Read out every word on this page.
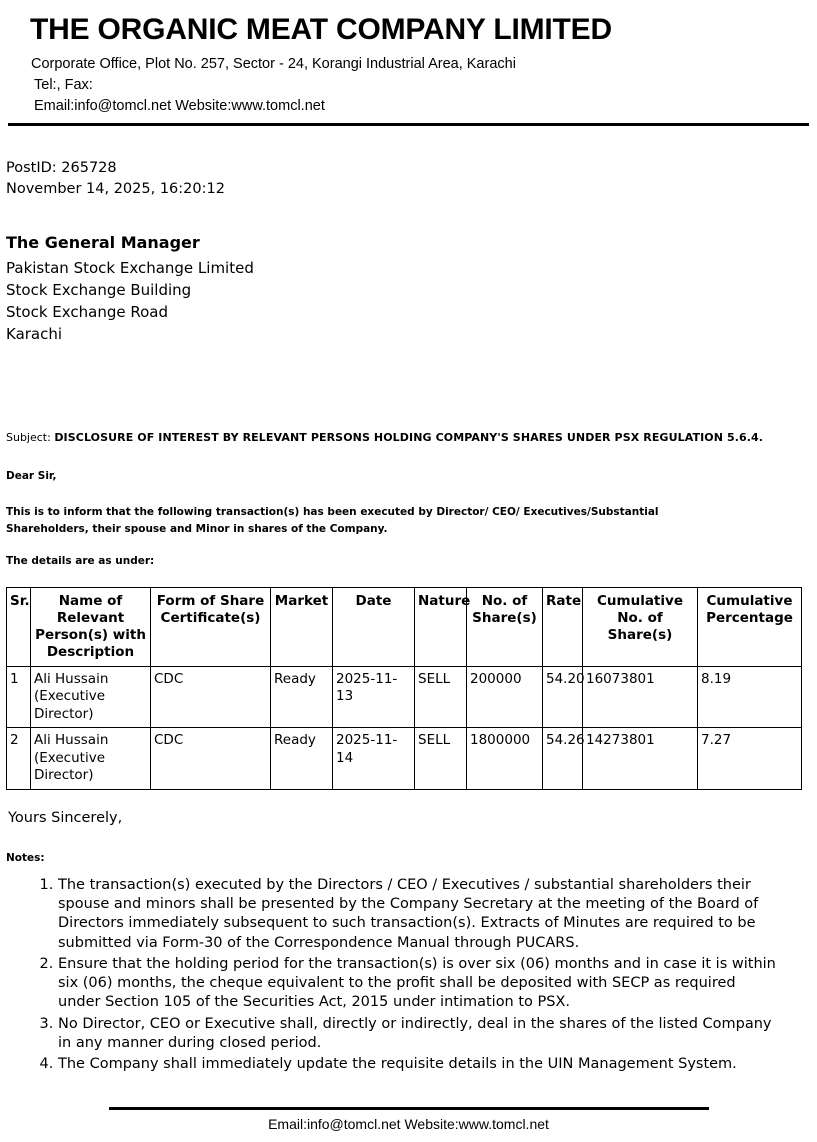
THE ORGANIC MEAT COMPANY LIMITED
Corporate Office, Plot No. 257, Sector - 24, Korangi Industrial Area, Karachi
Tel:, Fax:
Email:info@tomcl.net Website:www.tomcl.net
PostID: 265728
November 14, 2025, 16:20:12
The General Manager
Pakistan Stock Exchange Limited
Stock Exchange Building
Stock Exchange Road
Karachi
Subject: DISCLOSURE OF INTEREST BY RELEVANT PERSONS HOLDING COMPANY'S SHARES UNDER PSX REGULATION 5.6.4.
Dear Sir,
This is to inform that the following transaction(s) has been executed by Director/ CEO/ Executives/Substantial Shareholders, their spouse and Minor in shares of the Company.
The details are as under:
Sr.	Name of Relevant Person(s) with Description	Form of Share Certificate(s)	Market	Date	Nature	No. of Share(s)	Rate	Cumulative No. of Share(s)	Cumulative Percentage
1	Ali Hussain (Executive Director)	CDC	Ready	2025-11-13	SELL	200000	54.20	16073801	8.19
2	Ali Hussain (Executive Director)	CDC	Ready	2025-11-14	SELL	1800000	54.26	14273801	7.27
Yours Sincerely,
Notes:
1. The transaction(s) executed by the Directors / CEO / Executives / substantial shareholders their spouse and minors shall be presented by the Company Secretary at the meeting of the Board of Directors immediately subsequent to such transaction(s). Extracts of Minutes are required to be submitted via Form-30 of the Correspondence Manual through PUCARS.
2. Ensure that the holding period for the transaction(s) is over six (06) months and in case it is within six (06) months, the cheque equivalent to the profit shall be deposited with SECP as required under Section 105 of the Securities Act, 2015 under intimation to PSX.
3. No Director, CEO or Executive shall, directly or indirectly, deal in the shares of the listed Company in any manner during closed period.
4. The Company shall immediately update the requisite details in the UIN Management System.
Email:info@tomcl.net Website:www.tomcl.net
